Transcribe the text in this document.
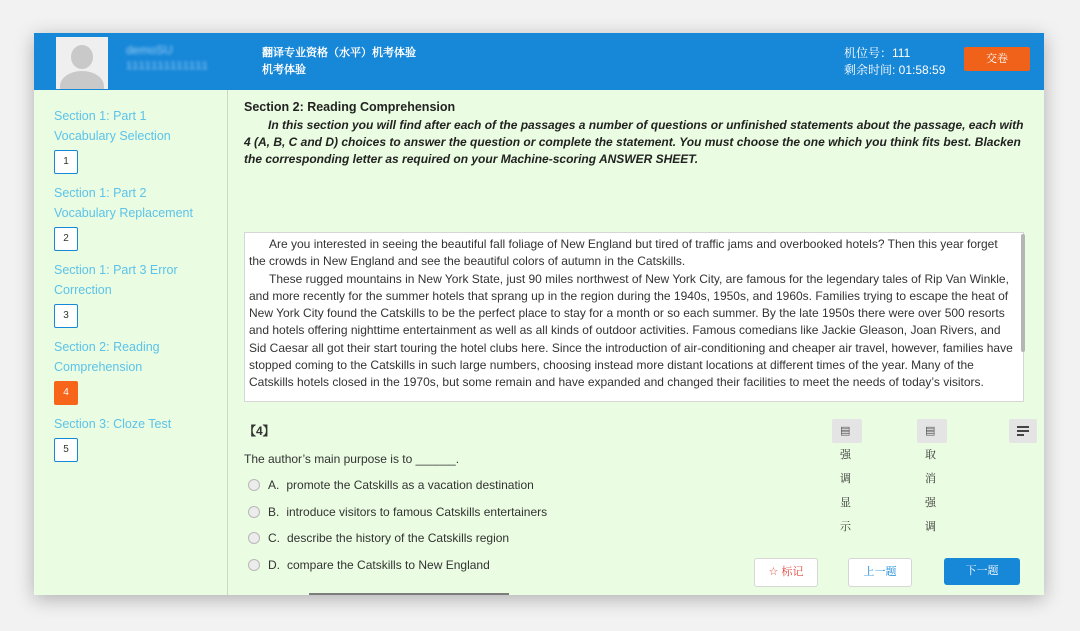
demoSU
1111111111111
翻译专业资格（水平）机考体验
机考体验
机位号：111
剩余时间: 01:58:59
交卷
Section 1: Part 1
Vocabulary Selection
1
Section 1: Part 2
Vocabulary Replacement
2
Section 1: Part 3 Error
Correction
3
Section 2: Reading
Comprehension
4
Section 3: Cloze Test
5
Section 2: Reading Comprehension
  In this section you will find after each of the passages a number of questions or unfinished statements about the passage, each with 4 (A, B, C and D) choices to answer the question or complete the statement. You must choose the one which you think fits best. Blacken the corresponding letter as required on your Machine-scoring ANSWER SHEET.

Are you interested in seeing the beautiful fall foliage of New England but tired of traffic jams and overbooked hotels? Then this year forget the crowds in New England and see the beautiful colors of autumn in the Catskills.

These rugged mountains in New York State, just 90 miles northwest of New York City, are famous for the legendary tales of Rip Van Winkle, and more recently for the summer hotels that sprang up in the region during the 1940s, 1950s, and 1960s. Families trying to escape the heat of New York City found the Catskills to be the perfect place to stay for a month or so each summer. By the late 1950s there were over 500 resorts and hotels offering nighttime entertainment as well as all kinds of outdoor activities. Famous comedians like Jackie Gleason, Joan Rivers, and Sid Caesar all got their start touring the hotel clubs here. Since the introduction of air-conditioning and cheaper air travel, however, families have stopped coming to the Catskills in such large numbers, choosing instead more distant locations at different times of the year. Many of the Catskills hotels closed in the 1970s, but some remain and have expanded and changed their facilities to meet the needs of today’s visitors.

【4】	▤强调显示
▤取消强调
The author’s main purpose is to ______.
A. promote the Catskills as a vacation destination
B. introduce visitors to famous Catskills entertainers
C. describe the history of the Catskills region
D. compare the Catskills to New England	☆ 标记	上一题	下一题
